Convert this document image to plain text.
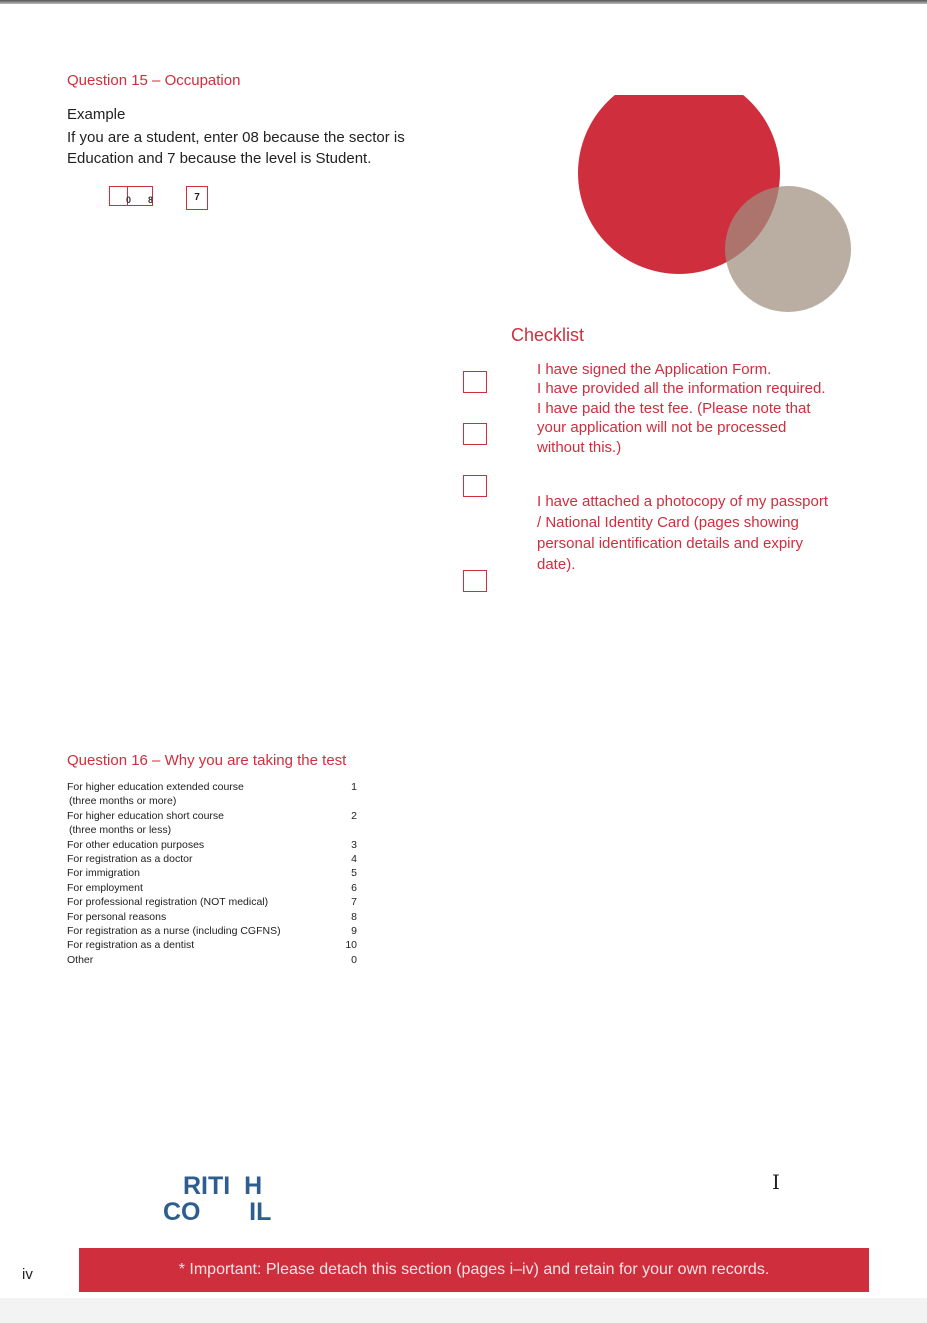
Question 15 – Occupation
Example
If you are a student, enter 08 because the sector is Education and 7 because the level is Student.
0 8	7
Checklist
I have signed the Application Form.
I have provided all the information required. I have paid the test fee. (Please note that your application will not be processed without this.)
I have attached a photocopy of my passport / National Identity Card (pages showing personal identification details and expiry date).
Question 16 – Why you are taking the test
For higher education extended course	1
(three months or more)
For higher education short course	2
(three months or less)
For other education purposes	3
For registration as a doctor	4
For immigration	5
For employment	6
For professional registration (NOT medical)	7
For personal reasons	8
For registration as a nurse (including CGFNS)	9
For registration as a dentist	10
Other	0
RITI  H
CO       IL
I
iv	* Important: Please detach this section (pages i–iv) and retain for your own records.
